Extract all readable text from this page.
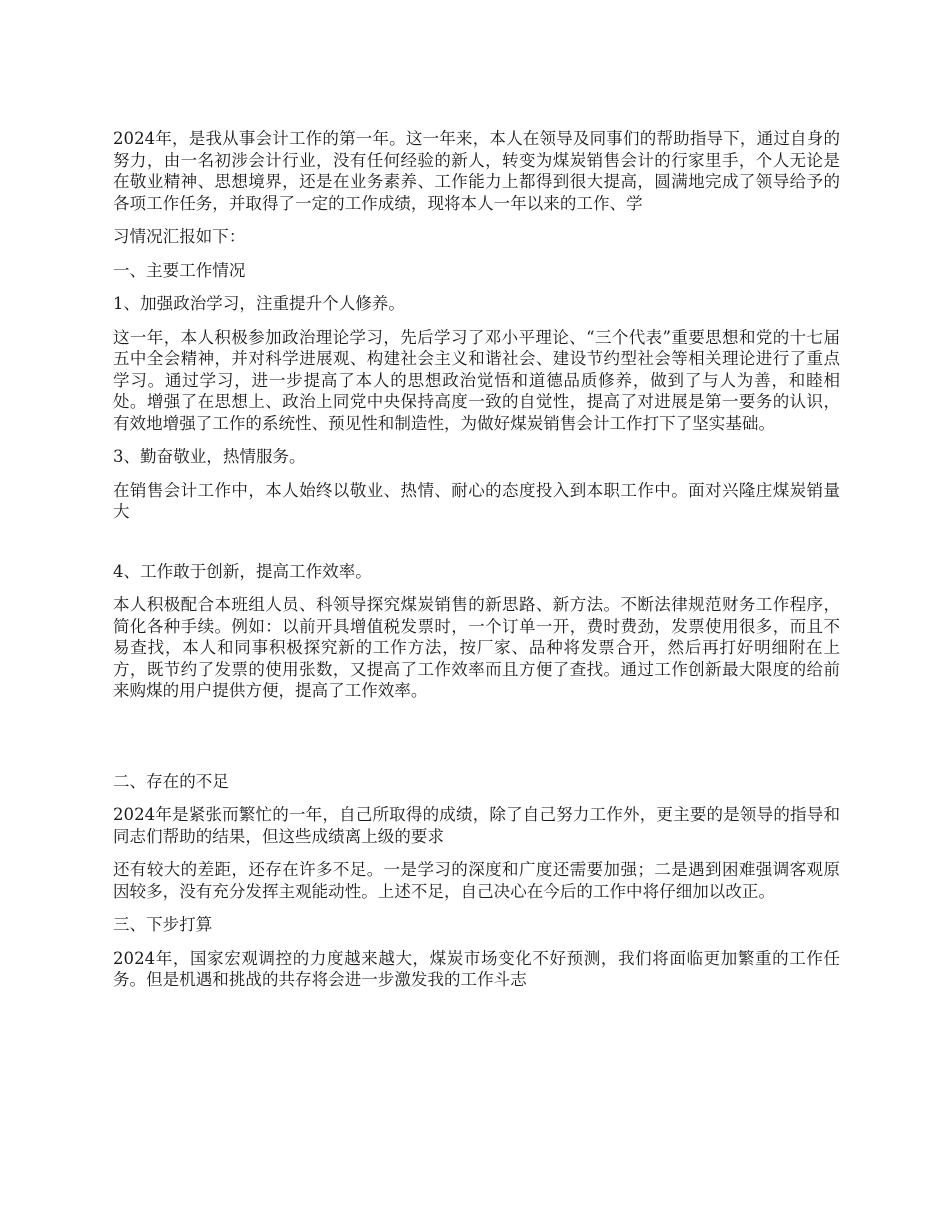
2024年，是我从事会计工作的第一年。这一年来，本人在领导及同事们的帮助指导下，通过自身的努力，由一名初涉会计行业，没有任何经验的新人，转变为煤炭销售会计的行家里手，个人无论是在敬业精神、思想境界，还是在业务素养、工作能力上都得到很大提高，圆满地完成了领导给予的各项工作任务，并取得了一定的工作成绩，现将本人一年以来的工作、学

习情况汇报如下：

一、主要工作情况

1、加强政治学习，注重提升个人修养。

这一年，本人积极参加政治理论学习，先后学习了邓小平理论、“三个代表”重要思想和党的十七届五中全会精神，并对科学进展观、构建社会主义和谐社会、建设节约型社会等相关理论进行了重点学习。通过学习，进一步提高了本人的思想政治觉悟和道德品质修养，做到了与人为善，和睦相处。增强了在思想上、政治上同党中央保持高度一致的自觉性，提高了对进展是第一要务的认识，有效地增强了工作的系统性、预见性和制造性，为做好煤炭销售会计工作打下了坚实基础。

3、勤奋敬业，热情服务。

在销售会计工作中，本人始终以敬业、热情、耐心的态度投入到本职工作中。面对兴隆庄煤炭销量大

4、工作敢于创新，提高工作效率。

本人积极配合本班组人员、科领导探究煤炭销售的新思路、新方法。不断法律规范财务工作程序，简化各种手续。例如：以前开具增值税发票时，一个订单一开，费时费劲，发票使用很多，而且不易查找，本人和同事积极探究新的工作方法，按厂家、品种将发票合开，然后再打好明细附在上方，既节约了发票的使用张数，又提高了工作效率而且方便了查找。通过工作创新最大限度的给前来购煤的用户提供方便，提高了工作效率。

二、存在的不足

2024年是紧张而繁忙的一年，自己所取得的成绩，除了自己努力工作外，更主要的是领导的指导和同志们帮助的结果，但这些成绩离上级的要求

还有较大的差距，还存在许多不足。一是学习的深度和广度还需要加强；二是遇到困难强调客观原因较多，没有充分发挥主观能动性。上述不足，自己决心在今后的工作中将仔细加以改正。

三、下步打算

2024年，国家宏观调控的力度越来越大，煤炭市场变化不好预测，我们将面临更加繁重的工作任务。但是机遇和挑战的共存将会进一步激发我的工作斗志
